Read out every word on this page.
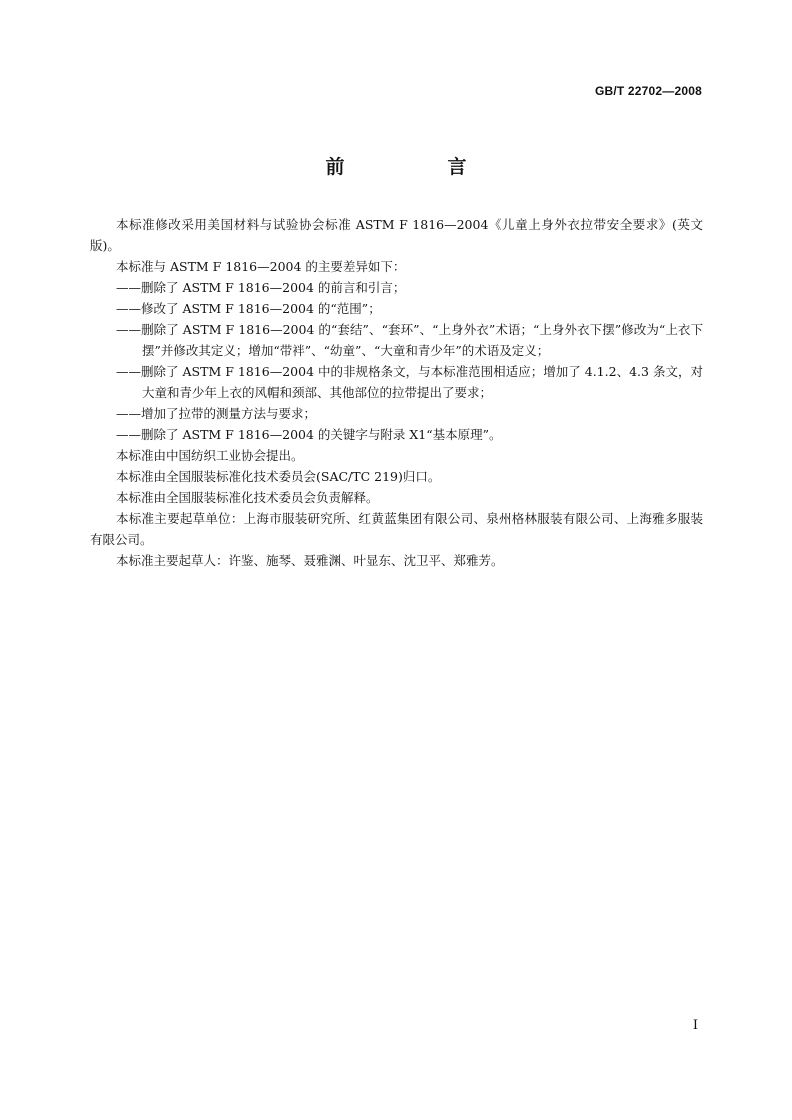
GB/T 22702—2008
前　言

本标准修改采用美国材料与试验协会标准 ASTM F 1816—2004《儿童上身外衣拉带安全要求》(英文版)。

本标准与 ASTM F 1816—2004 的主要差异如下：

——删除了 ASTM F 1816—2004 的前言和引言；

——修改了 ASTM F 1816—2004 的“范围”；

——删除了 ASTM F 1816—2004 的“套结”、“套环”、“上身外衣”术语；“上身外衣下摆”修改为“上衣下摆”并修改其定义；增加“带袢”、“幼童”、“大童和青少年”的术语及定义；

——删除了 ASTM F 1816—2004 中的非规格条文，与本标准范围相适应；增加了 4.1.2、4.3 条文，对大童和青少年上衣的风帽和颈部、其他部位的拉带提出了要求；

——增加了拉带的测量方法与要求；

——删除了 ASTM F 1816—2004 的关键字与附录 X1“基本原理”。

本标准由中国纺织工业协会提出。

本标准由全国服装标准化技术委员会(SAC/TC 219)归口。

本标准由全国服装标准化技术委员会负责解释。

本标准主要起草单位：上海市服装研究所、红黄蓝集团有限公司、泉州格林服装有限公司、上海雅多服装有限公司。

本标准主要起草人：许鉴、施琴、聂雅渊、叶显东、沈卫平、郑雅芳。

I
